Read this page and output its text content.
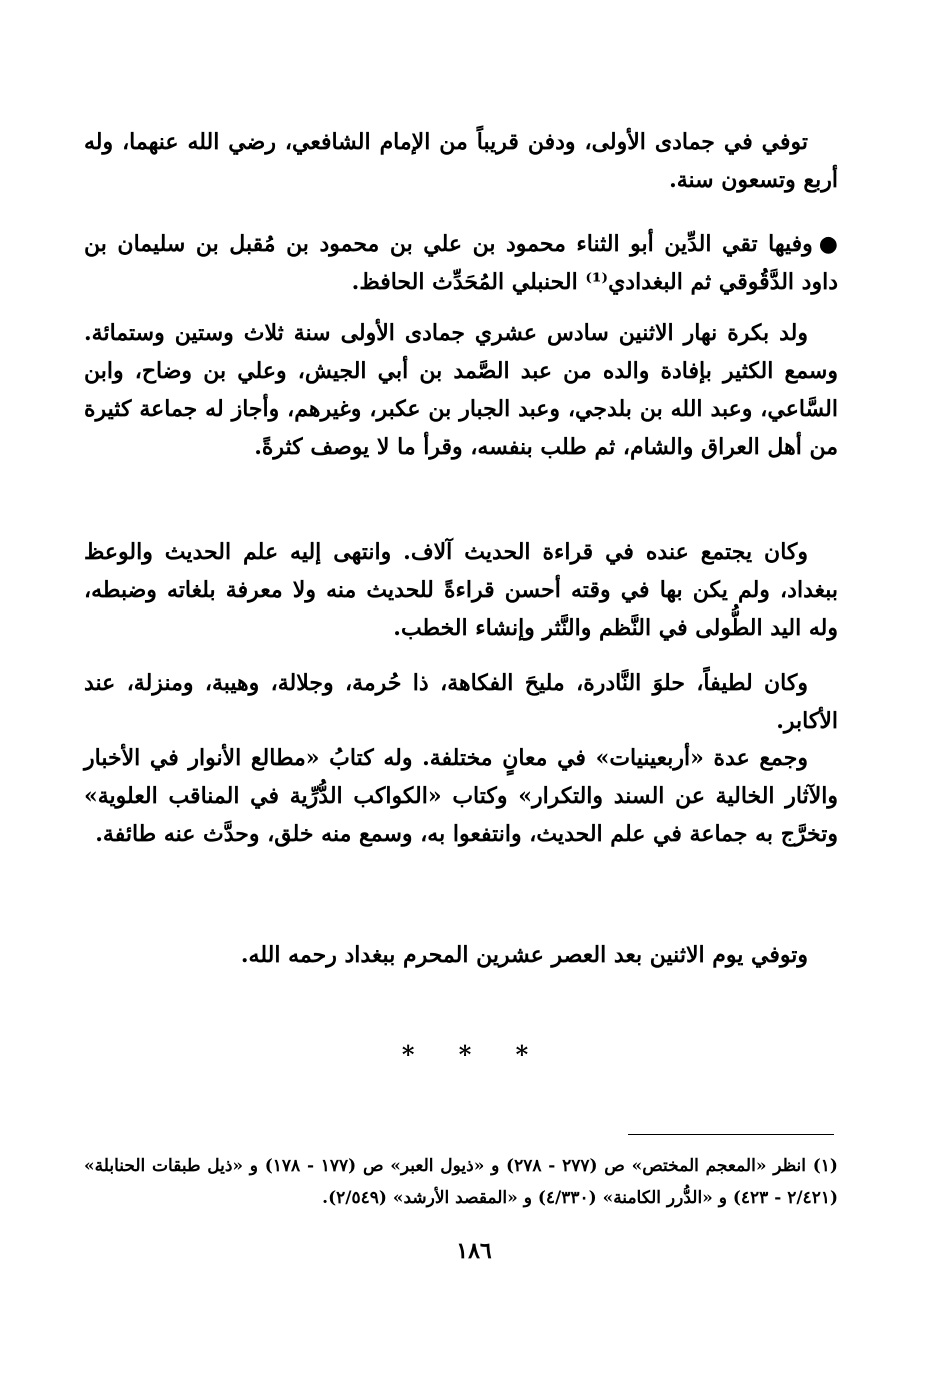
توفي في جمادى الأولى، ودفن قريباً من الإمام الشافعي، رضي الله عنهما، وله أربع وتسعون سنة.
●وفيها تقي الدِّين أبو الثناء محمود بن علي بن محمود بن مُقبل بن سليمان بن داود الدَّقُوقي ثم البغدادي⁽¹⁾ الحنبلي المُحَدِّث الحافظ.
ولد بكرة نهار الاثنين سادس عشري جمادى الأولى سنة ثلاث وستين وستمائة. وسمع الكثير بإفادة والده من عبد الصَّمد بن أبي الجيش، وعلي بن وضاح، وابن السَّاعي، وعبد الله بن بلدجي، وعبد الجبار بن عكبر، وغيرهم، وأجاز له جماعة كثيرة من أهل العراق والشام، ثم طلب بنفسه، وقرأ ما لا يوصف كثرةً.
وكان يجتمع عنده في قراءة الحديث آلاف. وانتهى إليه علم الحديث والوعظ ببغداد، ولم يكن بها في وقته أحسن قراءةً للحديث منه ولا معرفة بلغاته وضبطه، وله اليد الطُّولى في النَّظم والنَّثر وإنشاء الخطب.
وكان لطيفاً، حلوَ النَّادرة، مليحَ الفكاهة، ذا حُرمة، وجلالة، وهيبة، ومنزلة، عند الأكابر.
وجمع عدة «أربعينيات» في معانٍ مختلفة. وله كتابُ «مطالع الأنوار في الأخبار والآثار الخالية عن السند والتكرار» وكتاب «الكواكب الدُّرِّية في المناقب العلوية» وتخرَّج به جماعة في علم الحديث، وانتفعوا به، وسمع منه خلق، وحدَّث عنه طائفة.
وتوفي يوم الاثنين بعد العصر عشرين المحرم ببغداد رحمه الله.
* * *
(١) انظر «المعجم المختص» ص (٢٧٧ - ٢٧٨) و «ذيول العبر» ص (١٧٧ - ١٧٨) و «ذيل طبقات الحنابلة» (٢/٤٢١ - ٤٢٣) و «الدُّرر الكامنة» (٤/٣٣٠) و «المقصد الأرشد» (٢/٥٤٩).
١٨٦
